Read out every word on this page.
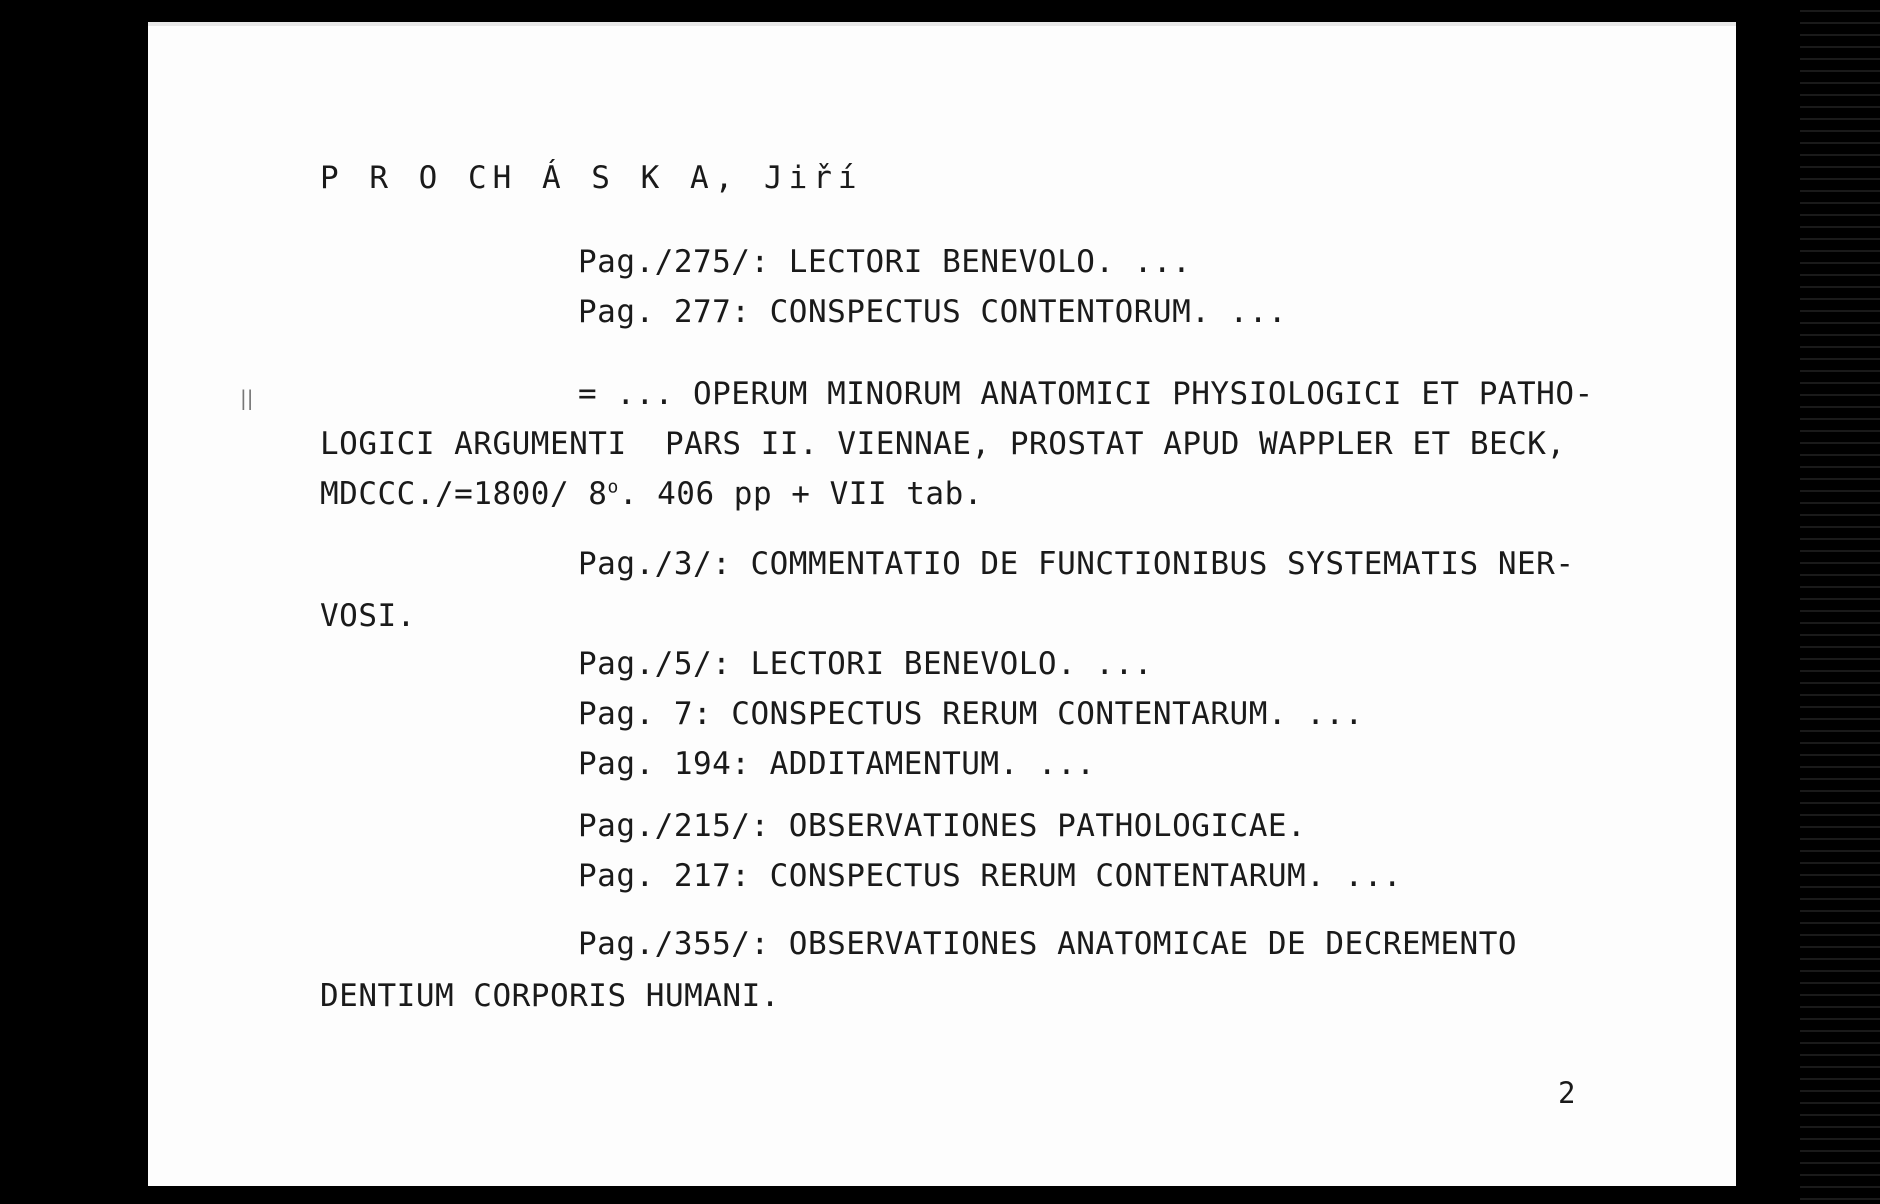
P R O CH Á S K A, Jiří
||
Pag./275/: LECTORI BENEVOLO. ...
Pag. 277: CONSPECTUS CONTENTORUM. ...
= ... OPERUM MINORUM ANATOMICI PHYSIOLOGICI ET PATHO-
LOGICI ARGUMENTI  PARS II. VIENNAE, PROSTAT APUD WAPPLER ET BECK,
MDCCC./=1800/ 8$^o$. 406 pp + VII tab.
Pag./3/: COMMENTATIO DE FUNCTIONIBUS SYSTEMATIS NER-
VOSI.
Pag./5/: LECTORI BENEVOLO. ...
Pag. 7: CONSPECTUS RERUM CONTENTARUM. ...
Pag. 194: ADDITAMENTUM. ...
Pag./215/: OBSERVATIONES PATHOLOGICAE.
Pag. 217: CONSPECTUS RERUM CONTENTARUM. ...
Pag./355/: OBSERVATIONES ANATOMICAE DE DECREMENTO
DENTIUM CORPORIS HUMANI.
2
